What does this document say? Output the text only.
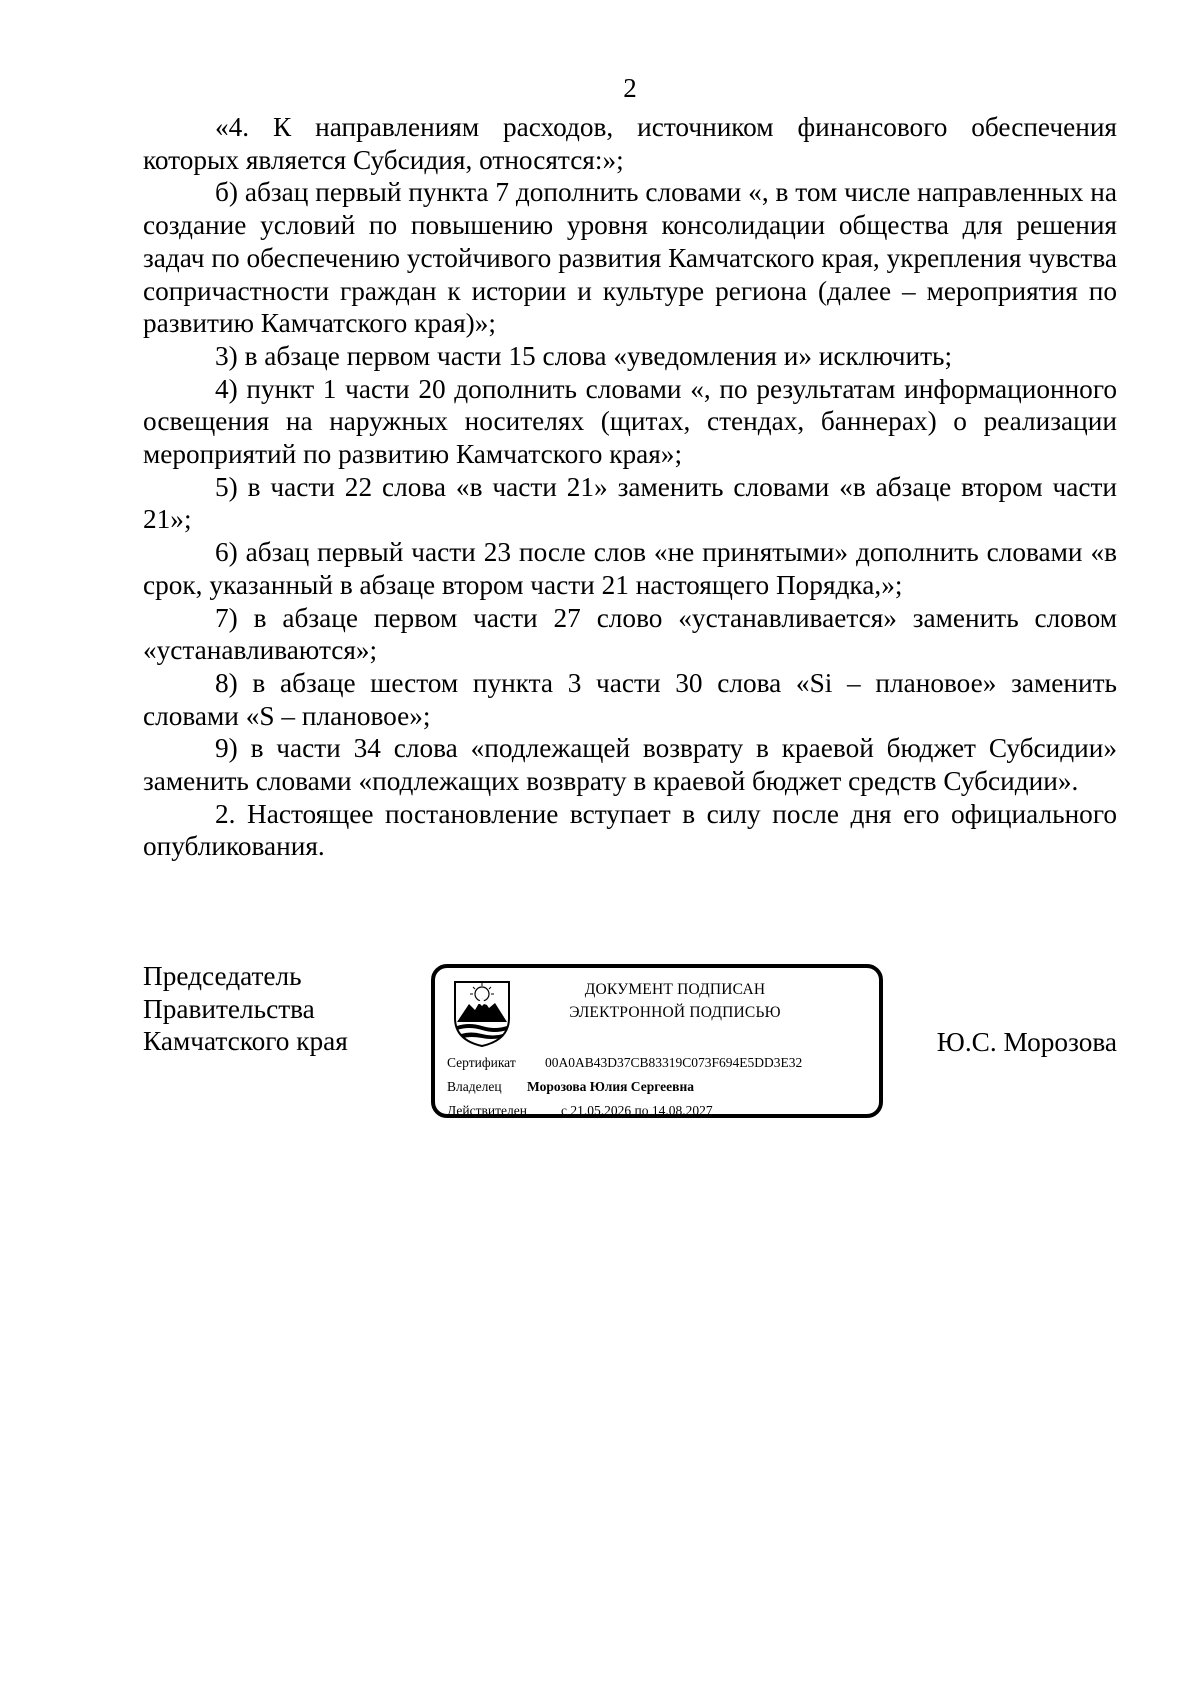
2

«4. К направлениям расходов, источником финансового обеспечения которых является Субсидия, относятся:»;

б) абзац первый пункта 7 дополнить словами «, в том числе направленных на создание условий по повышению уровня консолидации общества для решения задач по обеспечению устойчивого развития Камчатского края, укрепления чувства сопричастности граждан к истории и культуре региона (далее – мероприятия по развитию Камчатского края)»;

3) в абзаце первом части 15 слова «уведомления и» исключить;

4) пункт 1 части 20 дополнить словами «, по результатам информационного освещения на наружных носителях (щитах, стендах, баннерах) о реализации мероприятий по развитию Камчатского края»;

5) в части 22 слова «в части 21» заменить словами «в абзаце втором части 21»;

6) абзац первый части 23 после слов «не принятыми» дополнить словами «в срок, указанный в абзаце втором части 21 настоящего Порядка,»;

7) в абзаце первом части 27 слово «устанавливается» заменить словом «устанавливаются»;

8) в абзаце шестом пункта 3 части 30 слова «Si – плановое» заменить словами «S – плановое»;

9) в части 34 слова «подлежащей возврату в краевой бюджет Субсидии» заменить словами «подлежащих возврату в краевой бюджет средств Субсидии».

2. Настоящее постановление вступает в силу после дня его официального опубликования.

Председатель
Правительства
Камчатского края
ДОКУМЕНТ ПОДПИСАН
ЭЛЕКТРОННОЙ ПОДПИСЬЮ
Сертификат 00A0AB43D37CB83319C073F694E5DD3E32
Владелец Морозова Юлия Сергеевна
Действителен	с 21.05.2026 по 14.08.2027
Ю.С. Морозова
